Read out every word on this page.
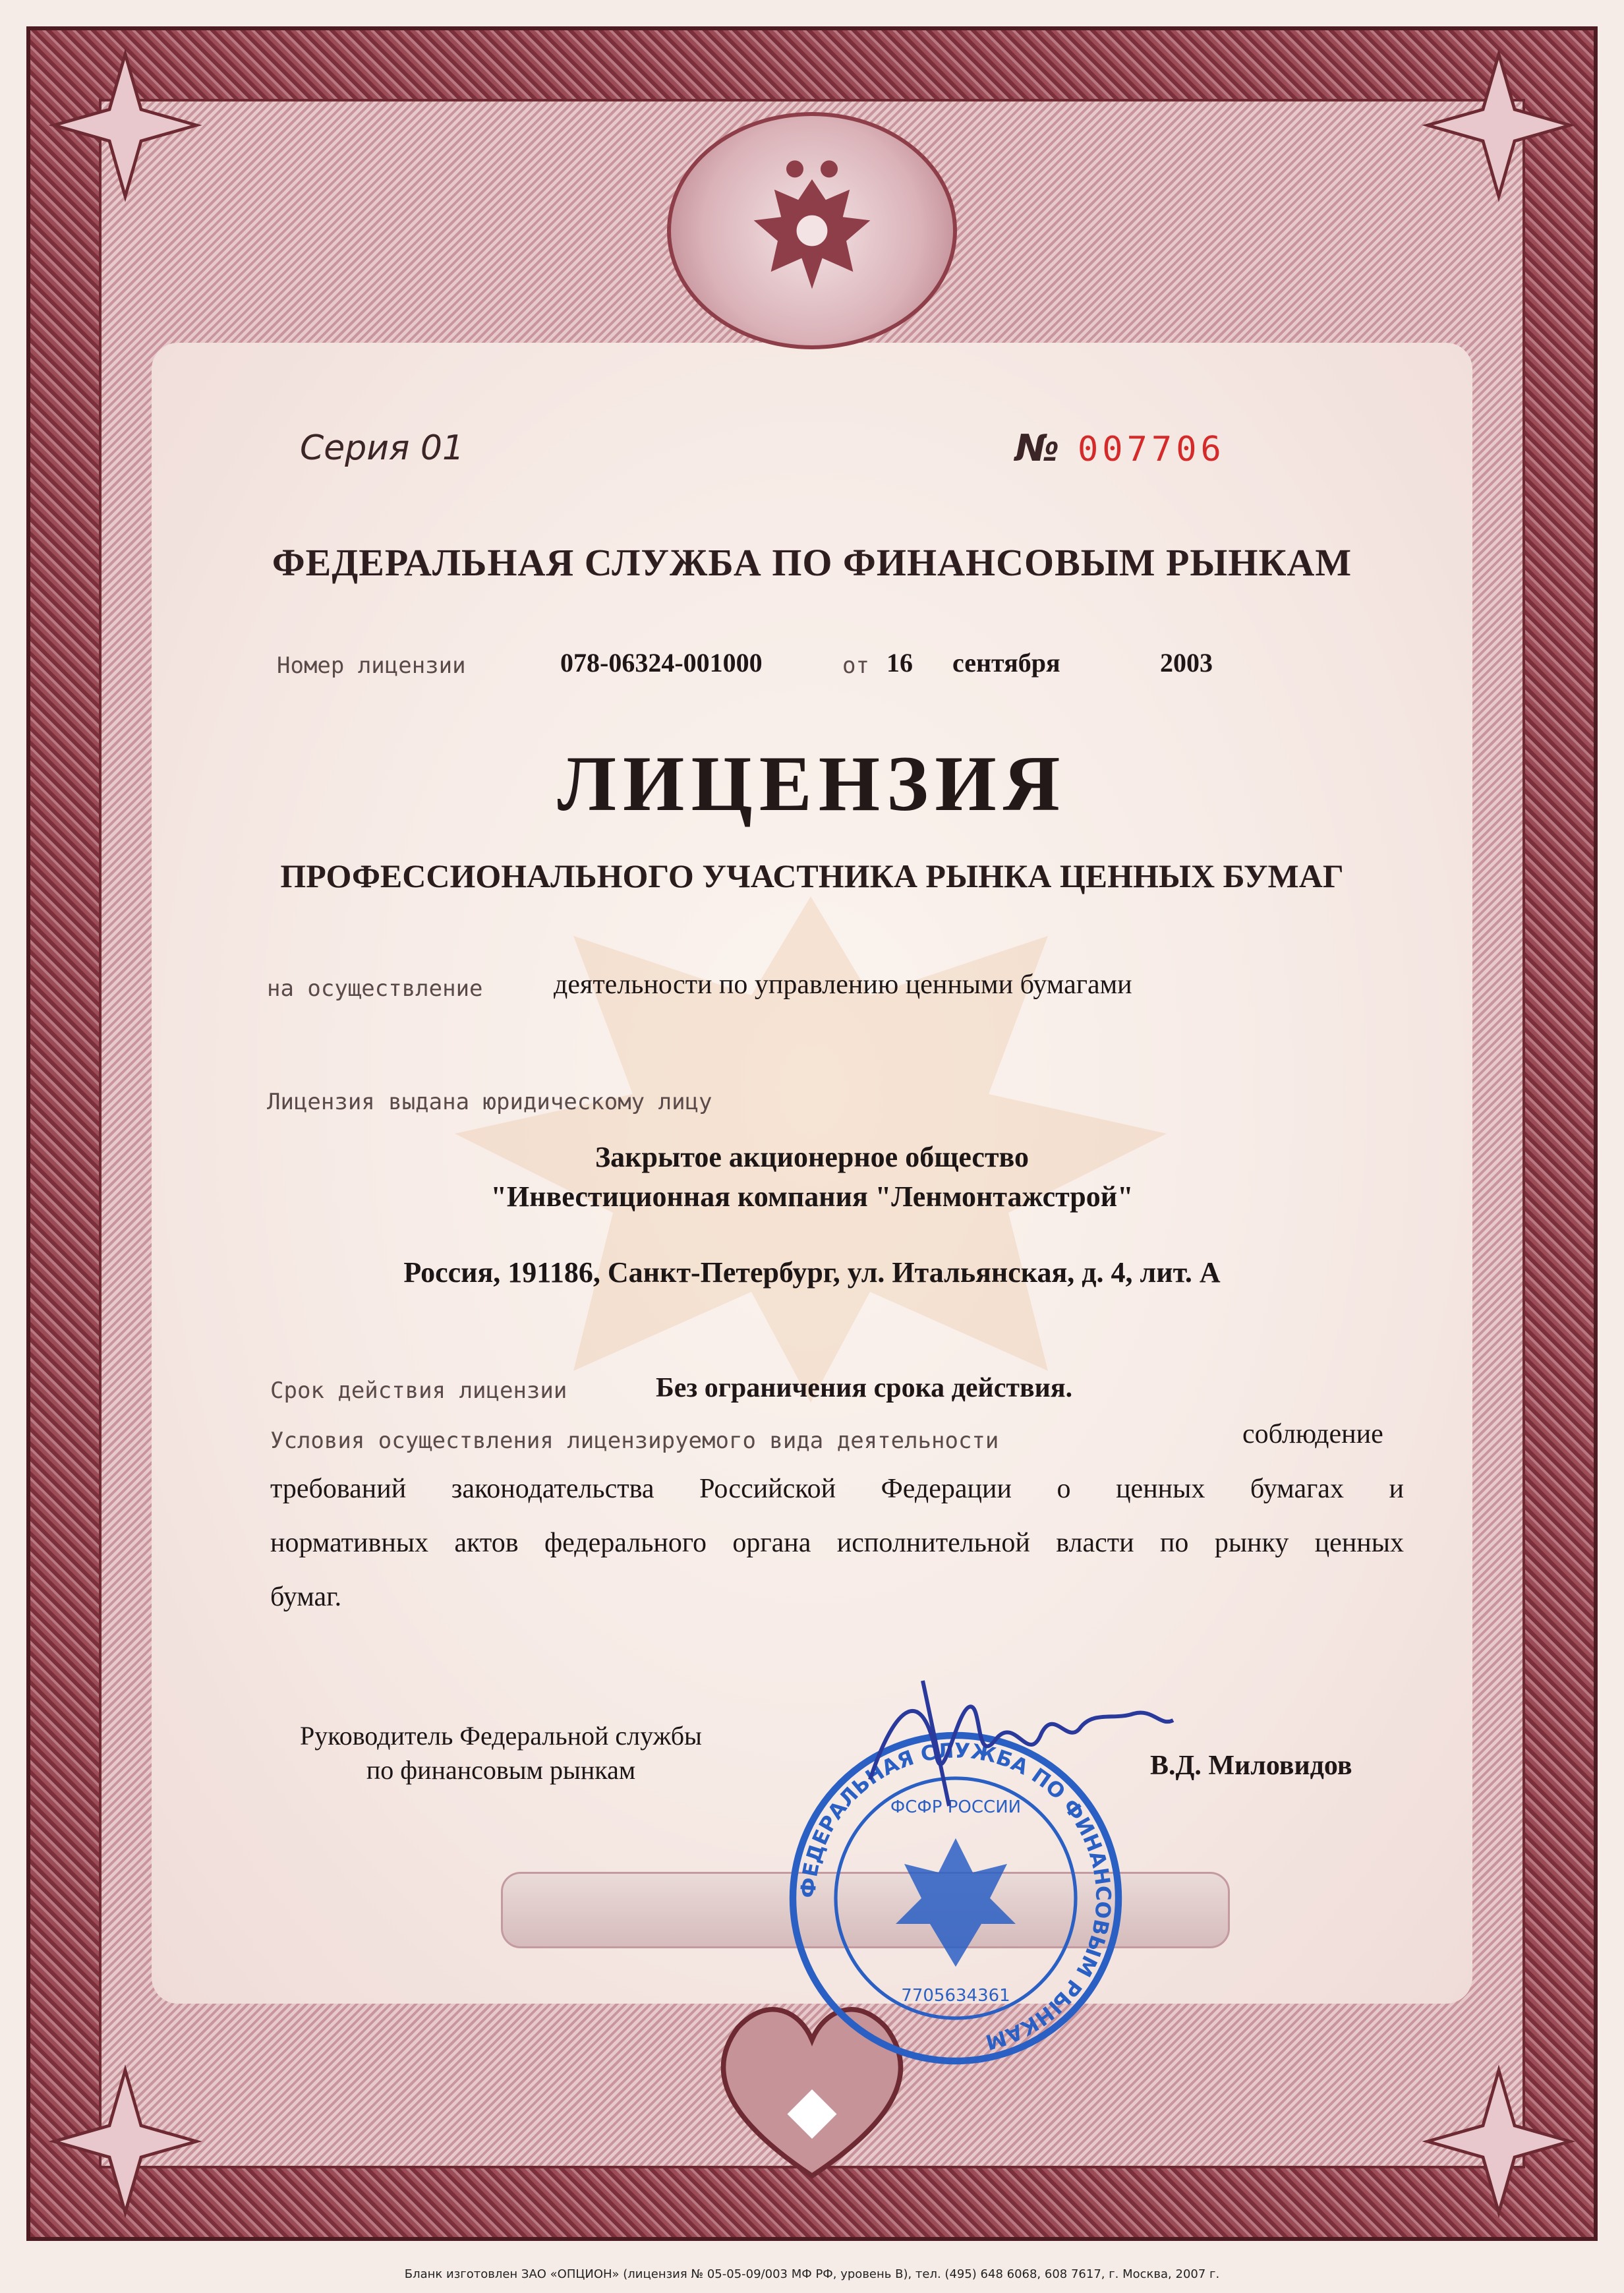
Серия 01	№ 007706
ФЕДЕРАЛЬНАЯ СЛУЖБА ПО ФИНАНСОВЫМ РЫНКАМ
Номер лицензии	078-06324-001000	от 16 сентября	2003
ЛИЦЕНЗИЯ
ПРОФЕССИОНАЛЬНОГО УЧАСТНИКА РЫНКА ЦЕННЫХ БУМАГ
на осуществление	деятельности по управлению ценными бумагами
Лицензия выдана юридическому лицу
Закрытое акционерное общество
"Инвестиционная компания "Ленмонтажстрой"
Россия, 191186, Санкт-Петербург, ул. Итальянская, д. 4, лит. А
Срок действия лицензии	Без ограничения срока действия.
Условия осуществления лицензируемого вида деятельности	соблюдение
требований законодательства Российской Федерации о ценных бумагах и
нормативных актов федерального органа исполнительной власти по рынку ценных
бумаг.
Руководитель Федеральной службы
по финансовым рынкам	В.Д. Миловидов
ФЕДЕРАЛЬНАЯ СЛУЖБА ПО ФИНАНСОВЫМ РЫНКАМ
ФСФР РОССИИ
7705634361
Бланк изготовлен ЗАО «ОПЦИОН» (лицензия № 05-05-09/003 МФ РФ, уровень В), тел. (495) 648 6068, 608 7617, г. Москва, 2007 г.
